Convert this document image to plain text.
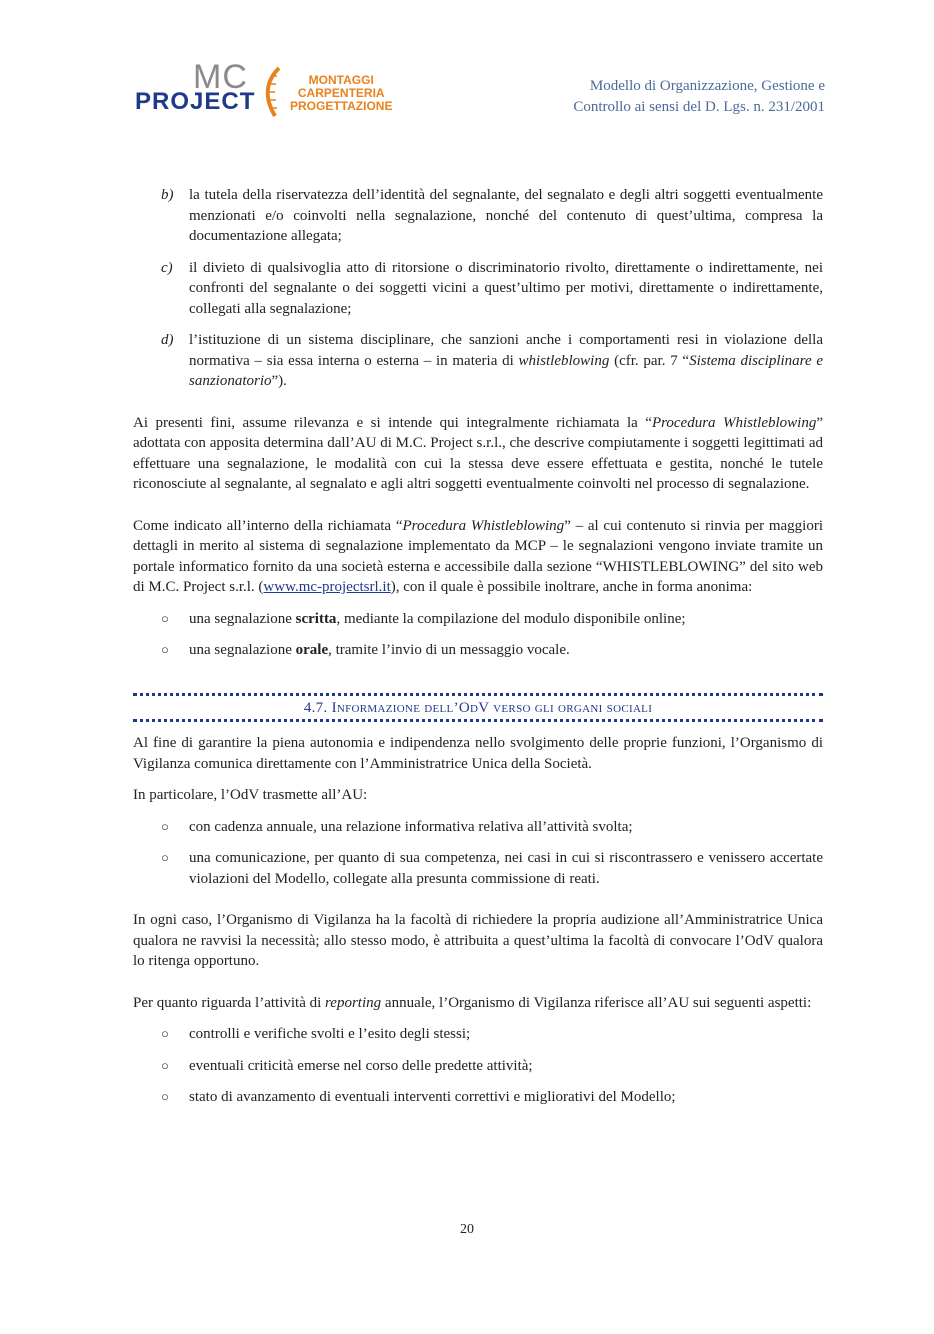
MC
PROJECT
MONTAGGI
CARPENTERIA
PROGETTAZIONE
Modello di Organizzazione, Gestione e
Controllo ai sensi del D. Lgs. n. 231/2001
b) la tutela della riservatezza dell’identità del segnalante, del segnalato e degli altri soggetti eventualmente menzionati e/o coinvolti nella segnalazione, nonché del contenuto di quest’ultima, compresa la documentazione allegata;
c) il divieto di qualsivoglia atto di ritorsione o discriminatorio rivolto, direttamente o indirettamente, nei confronti del segnalante o dei soggetti vicini a quest’ultimo per motivi, direttamente o indirettamente, collegati alla segnalazione;
d) l’istituzione di un sistema disciplinare, che sanzioni anche i comportamenti resi in violazione della normativa – sia essa interna o esterna – in materia di whistleblowing (cfr. par. 7 “Sistema disciplinare e sanzionatorio”).

Ai presenti fini, assume rilevanza e si intende qui integralmente richiamata la “Procedura Whistleblowing” adottata con apposita determina dall’AU di M.C. Project s.r.l., che descrive compiutamente i soggetti legittimati ad effettuare una segnalazione, le modalità con cui la stessa deve essere effettuata e gestita, nonché le tutele riconosciute al segnalante, al segnalato e agli altri soggetti eventualmente coinvolti nel processo di segnalazione.

Come indicato all’interno della richiamata “Procedura Whistleblowing” – al cui contenuto si rinvia per maggiori dettagli in merito al sistema di segnalazione implementato da MCP – le segnalazioni vengono inviate tramite un portale informatico fornito da una società esterna e accessibile dalla sezione “WHISTLEBLOWING” del sito web di M.C. Project s.r.l. (www.mc-projectsrl.it), con il quale è possibile inoltrare, anche in forma anonima:

○ una segnalazione scritta, mediante la compilazione del modulo disponibile online;
○ una segnalazione orale, tramite l’invio di un messaggio vocale.
4.7. Informazione dell’OdV verso gli organi sociali

Al fine di garantire la piena autonomia e indipendenza nello svolgimento delle proprie funzioni, l’Organismo di Vigilanza comunica direttamente con l’Amministratrice Unica della Società.

In particolare, l’OdV trasmette all’AU:

○ con cadenza annuale, una relazione informativa relativa all’attività svolta;
○ una comunicazione, per quanto di sua competenza, nei casi in cui si riscontrassero e venissero accertate violazioni del Modello, collegate alla presunta commissione di reati.

In ogni caso, l’Organismo di Vigilanza ha la facoltà di richiedere la propria audizione all’Amministratrice Unica qualora ne ravvisi la necessità; allo stesso modo, è attribuita a quest’ultima la facoltà di convocare l’OdV qualora lo ritenga opportuno.

Per quanto riguarda l’attività di reporting annuale, l’Organismo di Vigilanza riferisce all’AU sui seguenti aspetti:

○ controlli e verifiche svolti e l’esito degli stessi;
○ eventuali criticità emerse nel corso delle predette attività;
○ stato di avanzamento di eventuali interventi correttivi e migliorativi del Modello;
20
